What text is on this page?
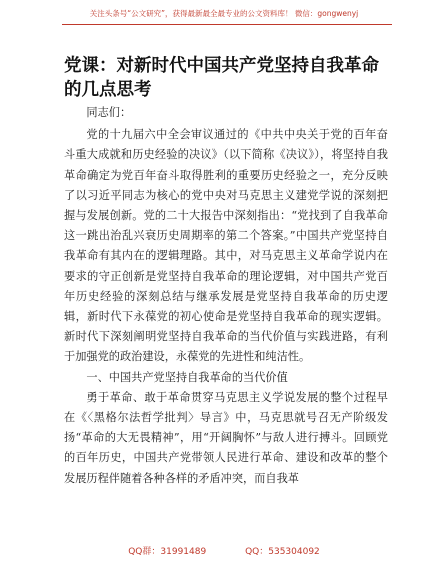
关注头条号“公文研究”，获得最新最全最专业的公文资料库！ 微信：gongwenyj
党课：对新时代中国共产党坚持自我革命的几点思考

同志们：

党的十九届六中全会审议通过的《中共中央关于党的百年奋斗重大成就和历史经验的决议》（以下简称《决议》），将坚持自我革命确定为党百年奋斗取得胜利的重要历史经验之一，充分反映了以习近平同志为核心的党中央对马克思主义建党学说的深刻把握与发展创新。党的二十大报告中深刻指出：“党找到了自我革命这一跳出治乱兴衰历史周期率的第二个答案。”中国共产党坚持自我革命有其内在的逻辑理路。其中，对马克思主义革命学说内在要求的守正创新是党坚持自我革命的理论逻辑，对中国共产党百年历史经验的深刻总结与继承发展是党坚持自我革命的历史逻辑，新时代下永葆党的初心使命是党坚持自我革命的现实逻辑。新时代下深刻阐明党坚持自我革命的当代价值与实践进路，有利于加强党的政治建设，永葆党的先进性和纯洁性。

一、中国共产党坚持自我革命的当代价值

勇于革命、敢于革命贯穿马克思主义学说发展的整个过程早在《〈黑格尔法哲学批判〉导言》中，马克思就号召无产阶级发扬“革命的大无畏精神”，用“开阔胸怀”与敌人进行搏斗。回顾党的百年历史，中国共产党带领人民进行革命、建设和改革的整个发展历程伴随着各种各样的矛盾冲突，而自我革

QQ群：31991489	QQ：535304092
